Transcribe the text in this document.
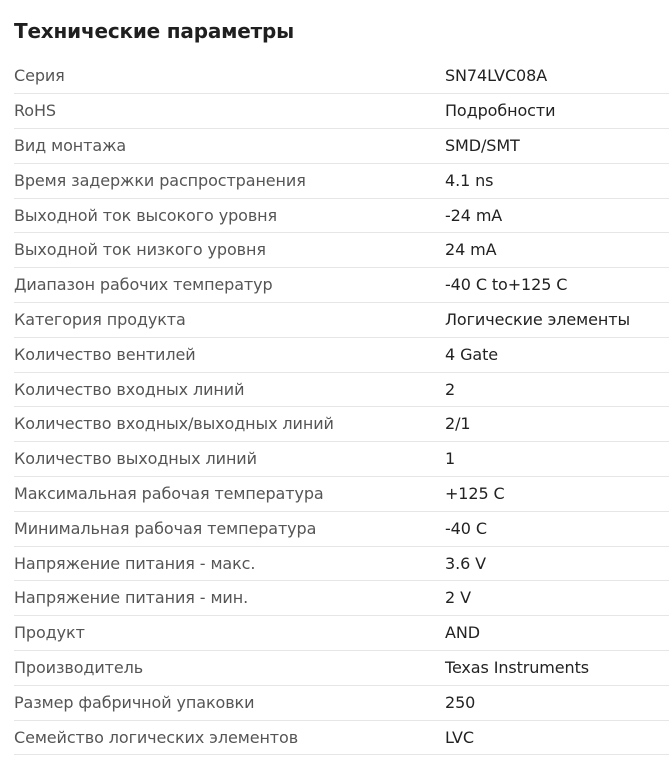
Технические параметры
Серия	SN74LVC08A
RoHS	Подробности
Вид монтажа	SMD/SMT
Время задержки распространения	4.1 ns
Выходной ток высокого уровня	-24 mA
Выходной ток низкого уровня	24 mA
Диапазон рабочих температур	-40 C to+125 C
Категория продукта	Логические элементы
Количество вентилей	4 Gate
Количество входных линий	2
Количество входных/выходных линий	2/1
Количество выходных линий	1
Максимальная рабочая температура	+125 C
Минимальная рабочая температура	-40 C
Напряжение питания - макс.	3.6 V
Напряжение питания - мин.	2 V
Продукт	AND
Производитель	Texas Instruments
Размер фабричной упаковки	250
Семейство логических элементов	LVC
